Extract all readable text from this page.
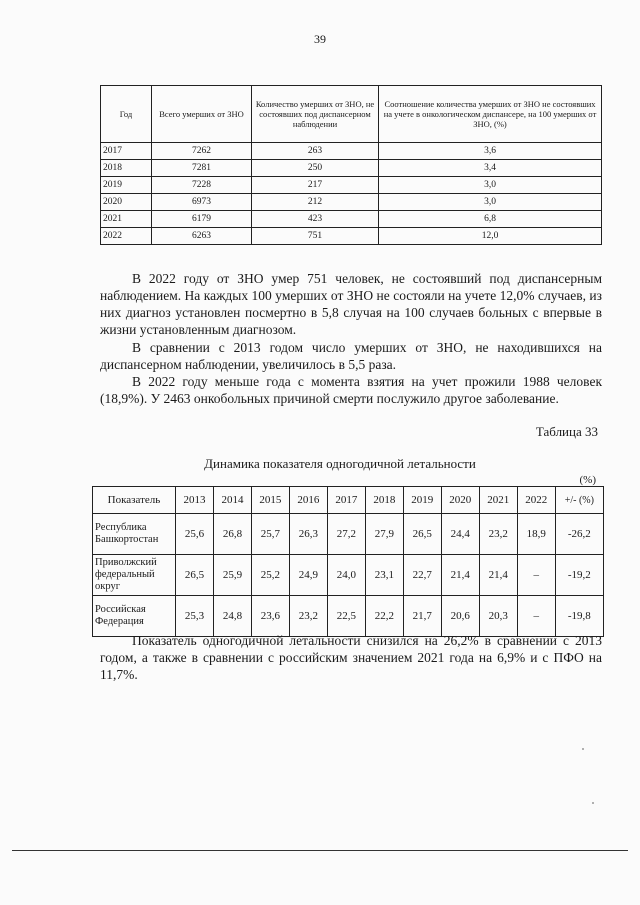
39
Год	Всего умерших от ЗНО	Количество умерших от ЗНО, не состоявших под диспансерном наблюдении	Соотношение количества умерших от ЗНО не состоявших на учете в онкологическом диспансере, на 100 умерших от ЗНО, (%)
2017	7262	263	3,6
2018	7281	250	3,4
2019	7228	217	3,0
2020	6973	212	3,0
2021	6179	423	6,8
2022	6263	751	12,0

В 2022 году от ЗНО умер 751 человек, не состоявший под диспансерным наблюдением. На каждых 100 умерших от ЗНО не состояли на учете 12,0% случаев, из них диагноз установлен посмертно в 5,8 случая на 100 случаев больных с впервые в жизни установленным диагнозом.

В сравнении с 2013 годом число умерших от ЗНО, не находившихся на диспансерном наблюдении, увеличилось в 5,5 раза.

В 2022 году меньше года с момента взятия на учет прожили 1988 человек (18,9%). У 2463 онкобольных причиной смерти послужило другое заболевание.

Таблица 33
Динамика показателя одногодичной летальности
(%)
Показатель	2013	2014	2015	2016	2017	2018	2019	2020	2021	2022	+/- (%)
Республика Башкортостан	25,6	26,8	25,7	26,3	27,2	27,9	26,5	24,4	23,2	18,9	-26,2
Приволжский федеральный округ	26,5	25,9	25,2	24,9	24,0	23,1	22,7	21,4	21,4	–	-19,2
Российская Федерация	25,3	24,8	23,6	23,2	22,5	22,2	21,7	20,6	20,3	–	-19,8

Показатель одногодичной летальности снизился на 26,2% в сравнении с 2013 годом, а также в сравнении с российским значением 2021 года на 6,9% и с ПФО на 11,7%.
